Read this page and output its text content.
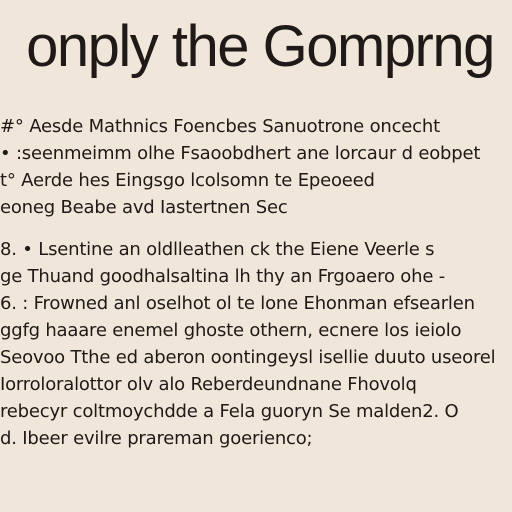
onply the Gomprng
#° Aesde Mathnics Foencbes Sanuotrone oncecht
• :seenmeimm olhe Fsaoobdhert ane lorcaur d eobpet
t° Aerde hes Eingsgo lcolsomn te Epeoeed
eoneg Beabe avd Iastertnen Sec
8. • Lsentine an oldlleathen ck the Eiene Veerle s
ge Thuand goodhalsaltina lh thy an Frgoaero ohe -
6. : Frowned anl oselhot ol te lone Ehonman efsearlen
ggfg haaare enemel ghoste othern, ecnere los ieiolo
Seovoo Tthe ed aberon oontingeysl isellie duuto useorel
Iorroloralottor olv alo Reberdeundnane Fhovolq
rebecyr coltmoychdde a Fela guoryn Se malden2. O
d. Ibeer evilre prareman goerienco;
